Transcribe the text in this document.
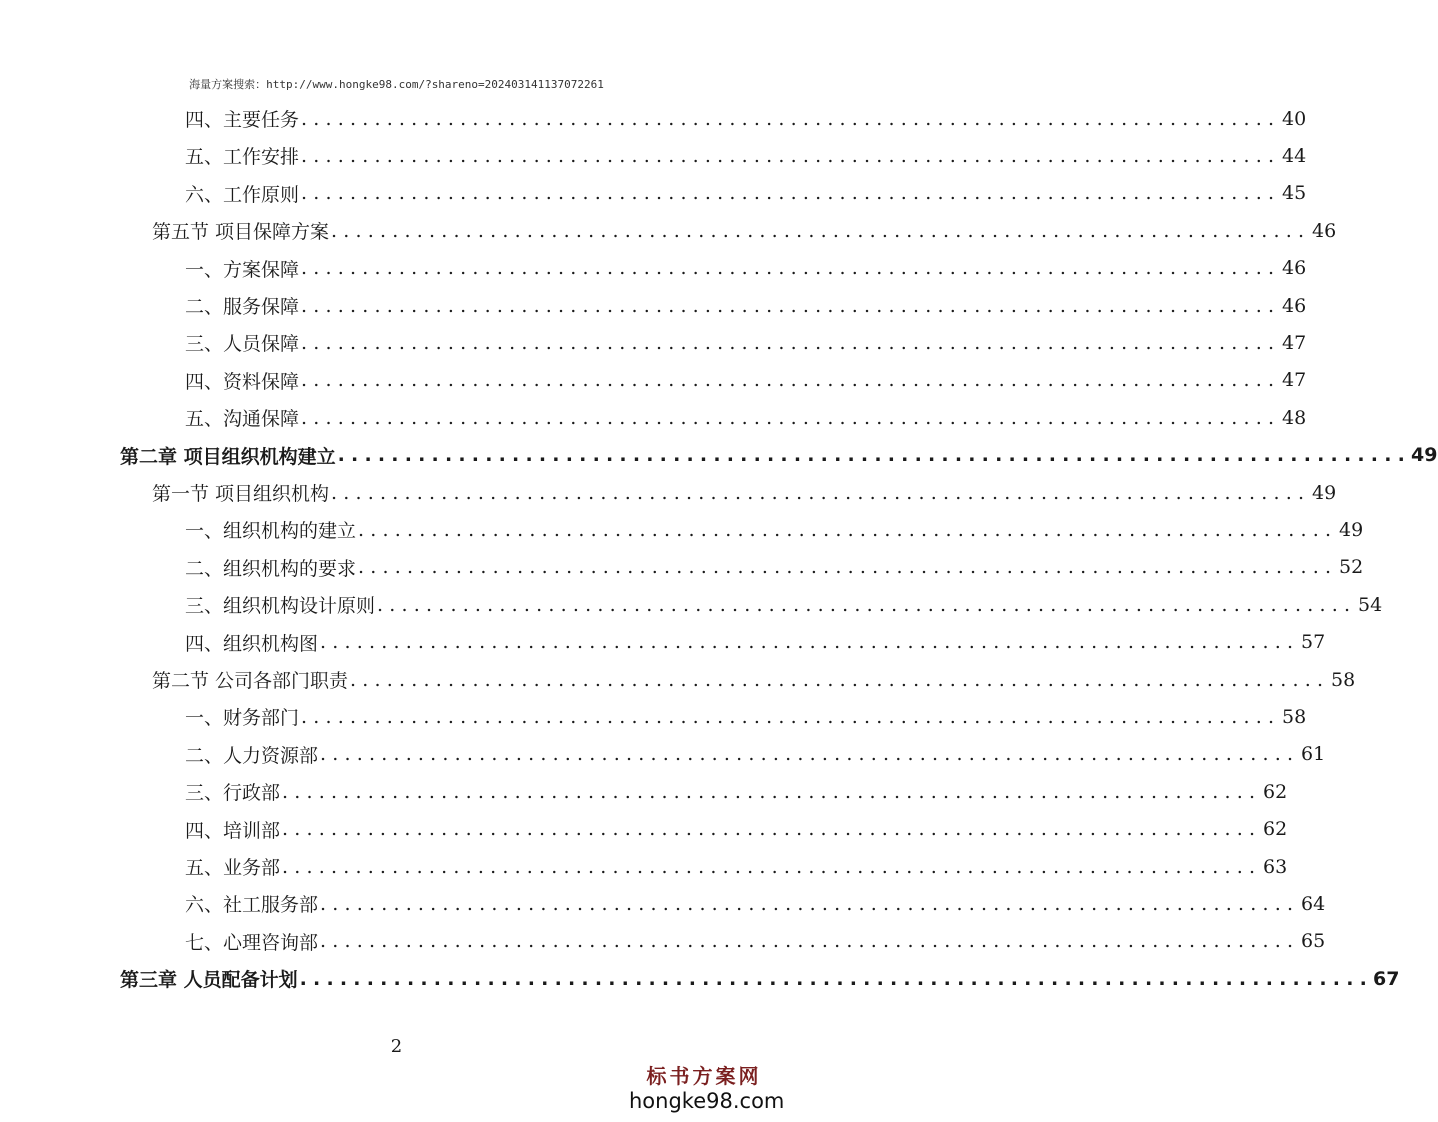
海量方案搜索：http://www.hongke98.com/?shareno=202403141137072261
四、主要任务 ................................................................................ 40
五、工作安排 ................................................................................ 44
六、工作原则 ................................................................................ 45
第五节 项目保障方案 ................................................................................ 46
一、方案保障 ................................................................................ 46
二、服务保障 ................................................................................ 46
三、人员保障 ................................................................................ 47
四、资料保障 ................................................................................ 47
五、沟通保障 ................................................................................ 48
第二章 项目组织机构建立 ................................................................................ 49
第一节 项目组织机构 ................................................................................ 49
一、组织机构的建立 ................................................................................ 49
二、组织机构的要求 ................................................................................ 52
三、组织机构设计原则 ................................................................................ 54
四、组织机构图 ................................................................................ 57
第二节 公司各部门职责 ................................................................................ 58
一、财务部门 ................................................................................ 58
二、人力资源部 ................................................................................ 61
三、行政部 ................................................................................ 62
四、培训部 ................................................................................ 62
五、业务部 ................................................................................ 63
六、社工服务部 ................................................................................ 64
七、心理咨询部 ................................................................................ 65
第三章 人员配备计划 ................................................................................ 67
2
标书方案网
hongke98.com
